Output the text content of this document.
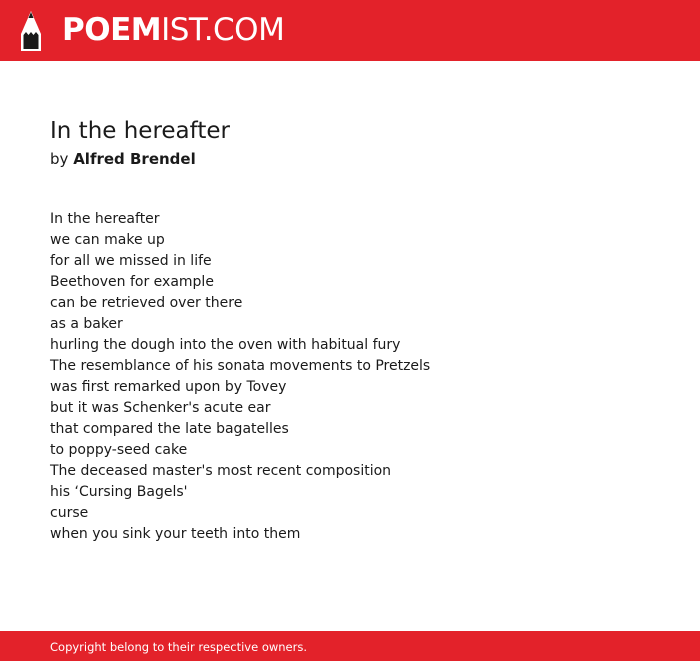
POEMIST.COM
In the hereafter
by Alfred Brendel
In the hereafter
we can make up
for all we missed in life
Beethoven for example
can be retrieved over there
as a baker
hurling the dough into the oven with habitual fury
The resemblance of his sonata movements to Pretzels
was first remarked upon by Tovey
but it was Schenker's acute ear
that compared the late bagatelles
to poppy-seed cake
The deceased master's most recent composition
his ‘Cursing Bagels'
curse
when you sink your teeth into them
Copyright belong to their respective owners.
